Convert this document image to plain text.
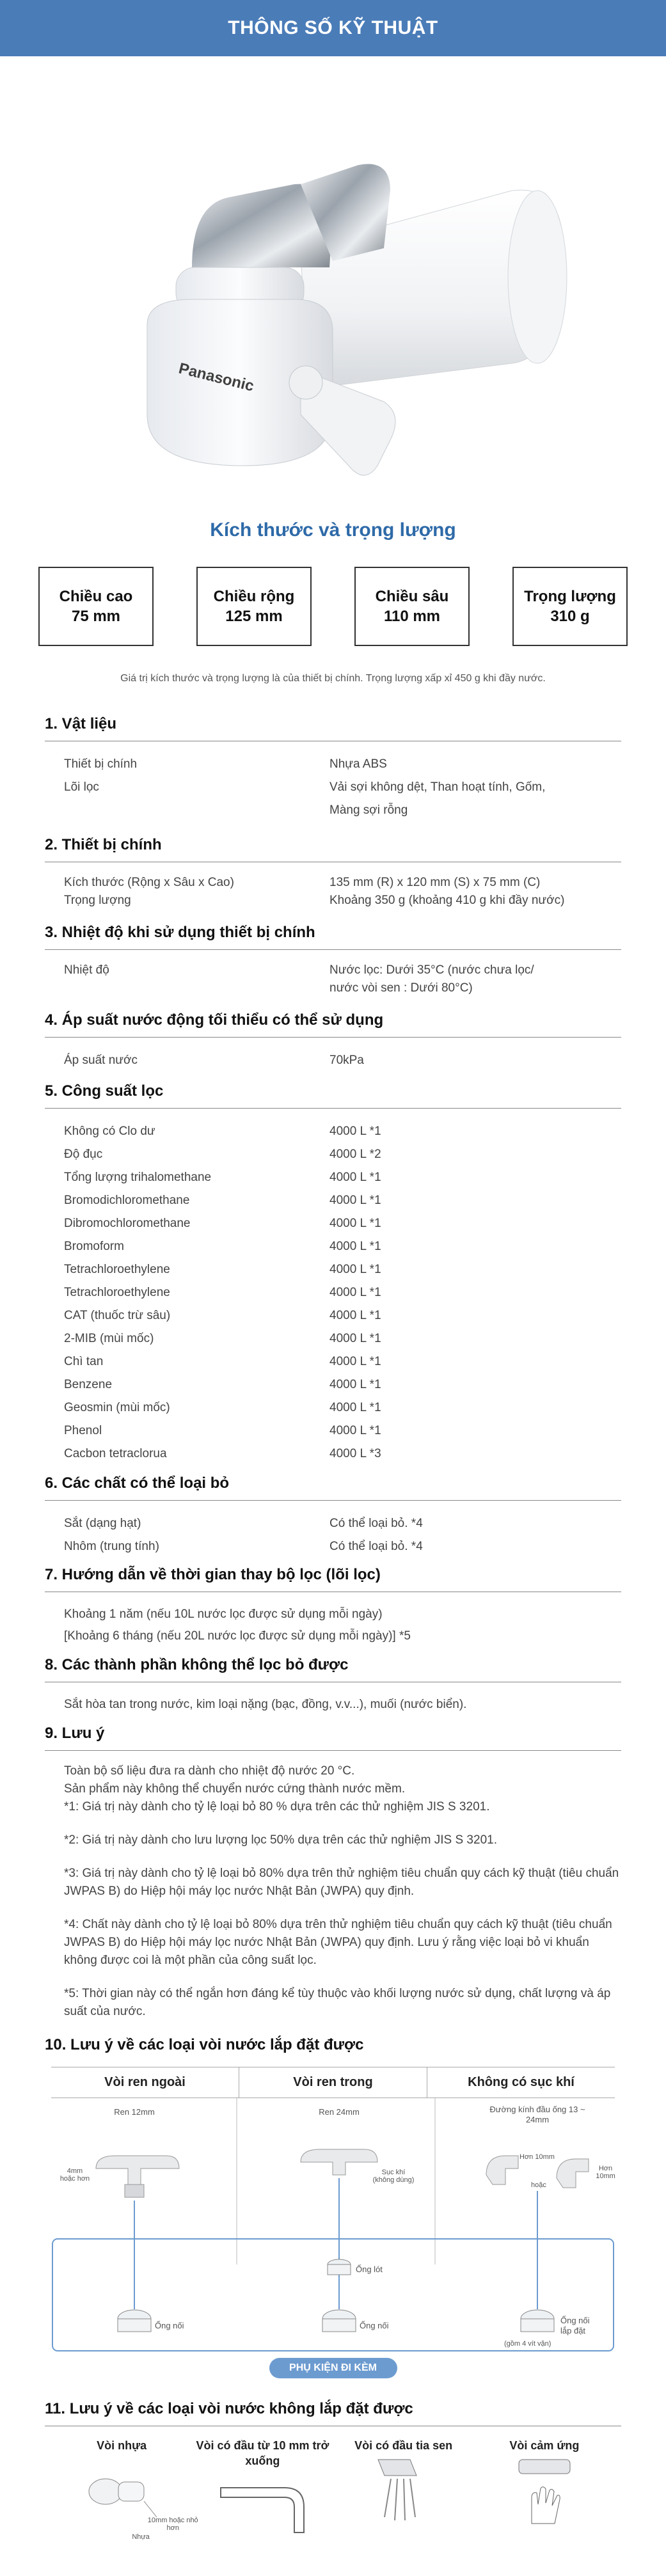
THÔNG SỐ KỸ THUẬT
Panasonic
Kích thước và trọng lượng
Chiều cao
75 mm
Chiều rộng
125 mm
Chiều sâu
110 mm
Trọng lượng
310 g
Giá trị kích thước và trọng lượng là của thiết bị chính. Trọng lượng xấp xỉ 450 g khi đầy nước.
1. Vật liệu
Thiết bị chính	Nhựa ABS
Lõi lọc	Vải sợi không dệt, Than hoạt tính, Gốm,
Màng sợi rỗng
2. Thiết bị chính
Kích thước (Rộng x Sâu x Cao)	135 mm (R) x 120 mm (S) x 75 mm (C)
Trọng lượng	Khoảng 350 g (khoảng 410 g khi đầy nước)
3. Nhiệt độ khi sử dụng thiết bị chính
Nhiệt độ	Nước lọc: Dưới 35°C (nước chưa lọc/
nước vòi sen : Dưới 80°C)
4. Áp suất nước động tối thiểu có thể sử dụng
Áp suất nước	70kPa
5. Công suất lọc
Không có Clo dư	4000 L *1
Độ đục	4000 L *2
Tổng lượng trihalomethane	4000 L *1
Bromodichloromethane	4000 L *1
Dibromochloromethane	4000 L *1
Bromoform	4000 L *1
Tetrachloroethylene	4000 L *1
Tetrachloroethylene	4000 L *1
CAT (thuốc trừ sâu)	4000 L *1
2-MIB (mùi mốc)	4000 L *1
Chì tan	4000 L *1
Benzene	4000 L *1
Geosmin (mùi mốc)	4000 L *1
Phenol	4000 L *1
Cacbon tetraclorua	4000 L *3
6. Các chất có thể loại bỏ
Sắt (dạng hạt)	Có thể loại bỏ. *4
Nhôm (trung tính)	Có thể loại bỏ. *4
7. Hướng dẫn về thời gian thay bộ lọc (lõi lọc)
Khoảng 1 năm (nếu 10L nước lọc được sử dụng mỗi ngày)
[Khoảng 6 tháng (nếu 20L nước lọc được sử dụng mỗi ngày)] *5
8. Các thành phần không thể lọc bỏ được
Sắt hòa tan trong nước, kim loại nặng (bạc, đồng, v.v...), muối (nước biển).
9. Lưu ý
Toàn bộ số liệu đưa ra dành cho nhiệt độ nước 20 °C.
Sản phẩm này không thể chuyển nước cứng thành nước mềm.
*1: Giá trị này dành cho tỷ lệ loại bỏ 80 % dựa trên các thử nghiệm JIS S 3201.
*2: Giá trị này dành cho lưu lượng lọc 50% dựa trên các thử nghiệm JIS S 3201.
*3: Giá trị này dành cho tỷ lệ loại bỏ 80% dựa trên thử nghiệm tiêu chuẩn quy cách kỹ thuật (tiêu chuẩn JWPAS B) do Hiệp hội máy lọc nước Nhật Bản (JWPA) quy định.
*4: Chất này dành cho tỷ lệ loại bỏ 80% dựa trên thử nghiệm tiêu chuẩn quy cách kỹ thuật (tiêu chuẩn JWPAS B) do Hiệp hội máy lọc nước Nhật Bản (JWPA) quy định. Lưu ý rằng việc loại bỏ vi khuẩn không được coi là một phần của công suất lọc.
*5: Thời gian này có thể ngắn hơn đáng kể tùy thuộc vào khối lượng nước sử dụng, chất lượng và áp suất của nước.
10. Lưu ý về các loại vòi nước lắp đặt được
Vòi ren ngoài	Vòi ren trong	Không có sục khí
Ren 12mm
4mm hoặc hơn
Ống nối
Ren 24mm
Sục khí (không dùng)
Ống lót
Ống nối
Đường kính đầu ống 13 ~ 24mm
Hơn 10mm
hoặc
Hơn 10mm
Ống nối lắp đặt
(gồm 4 vít vặn)
PHỤ KIỆN ĐI KÈM
11. Lưu ý về các loại vòi nước không lắp đặt được
Vòi nhựa
Nhựa
Vòi có đầu từ 10 mm trở xuống
10mm hoặc nhỏ hơn
Vòi có đầu tia sen	Vòi cảm ứng
